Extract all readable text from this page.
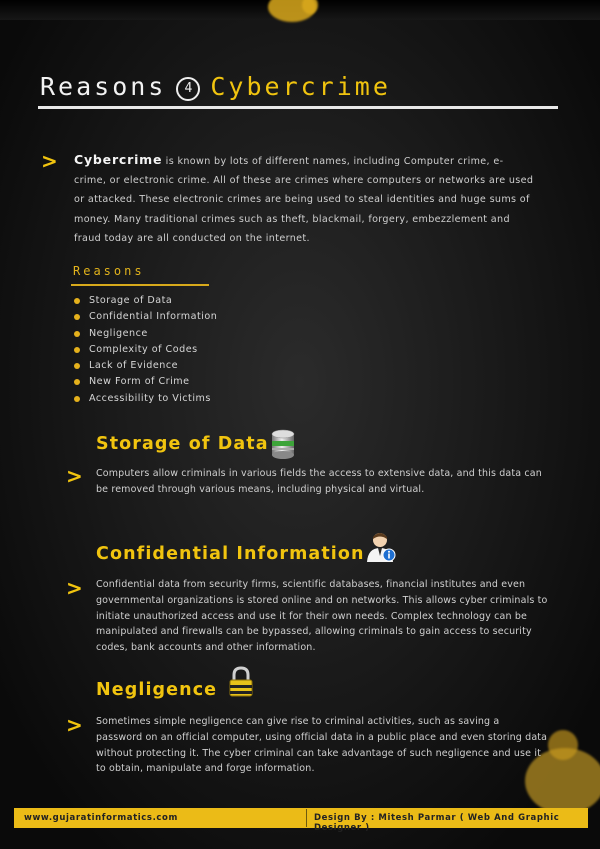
Reasons 4 Cybercrime
> Cybercrime is known by lots of different names, including Computer crime, e-crime, or electronic crime. All of these are crimes where computers or networks are used or attacked. These electronic crimes are being used to steal identities and huge sums of money. Many traditional crimes such as theft, blackmail, forgery, embezzlement and fraud today are all conducted on the internet.

Reasons
Storage of Data
Confidential Information
Negligence
Complexity of Codes
Lack of Evidence
New Form of Crime
Accessibility to Victims
Storage of Data
> Computers allow criminals in various fields the access to extensive data, and this data can be removed through various means, including physical and virtual.

Confidential Information
> Confidential data from security firms, scientific databases, financial institutes and even governmental organizations is stored online and on networks. This allows cyber criminals to initiate unauthorized access and use it for their own needs. Complex technology can be manipulated and firewalls can be bypassed, allowing criminals to gain access to security codes, bank accounts and other information.

Negligence
> Sometimes simple negligence can give rise to criminal activities, such as saving a password on an official computer, using official data in a public place and even storing data without protecting it. The cyber criminal can take advantage of such negligence and use it to obtain, manipulate and forge information.

www.gujaratinformatics.com	Design By : Mitesh Parmar ( Web And Graphic Designer )
